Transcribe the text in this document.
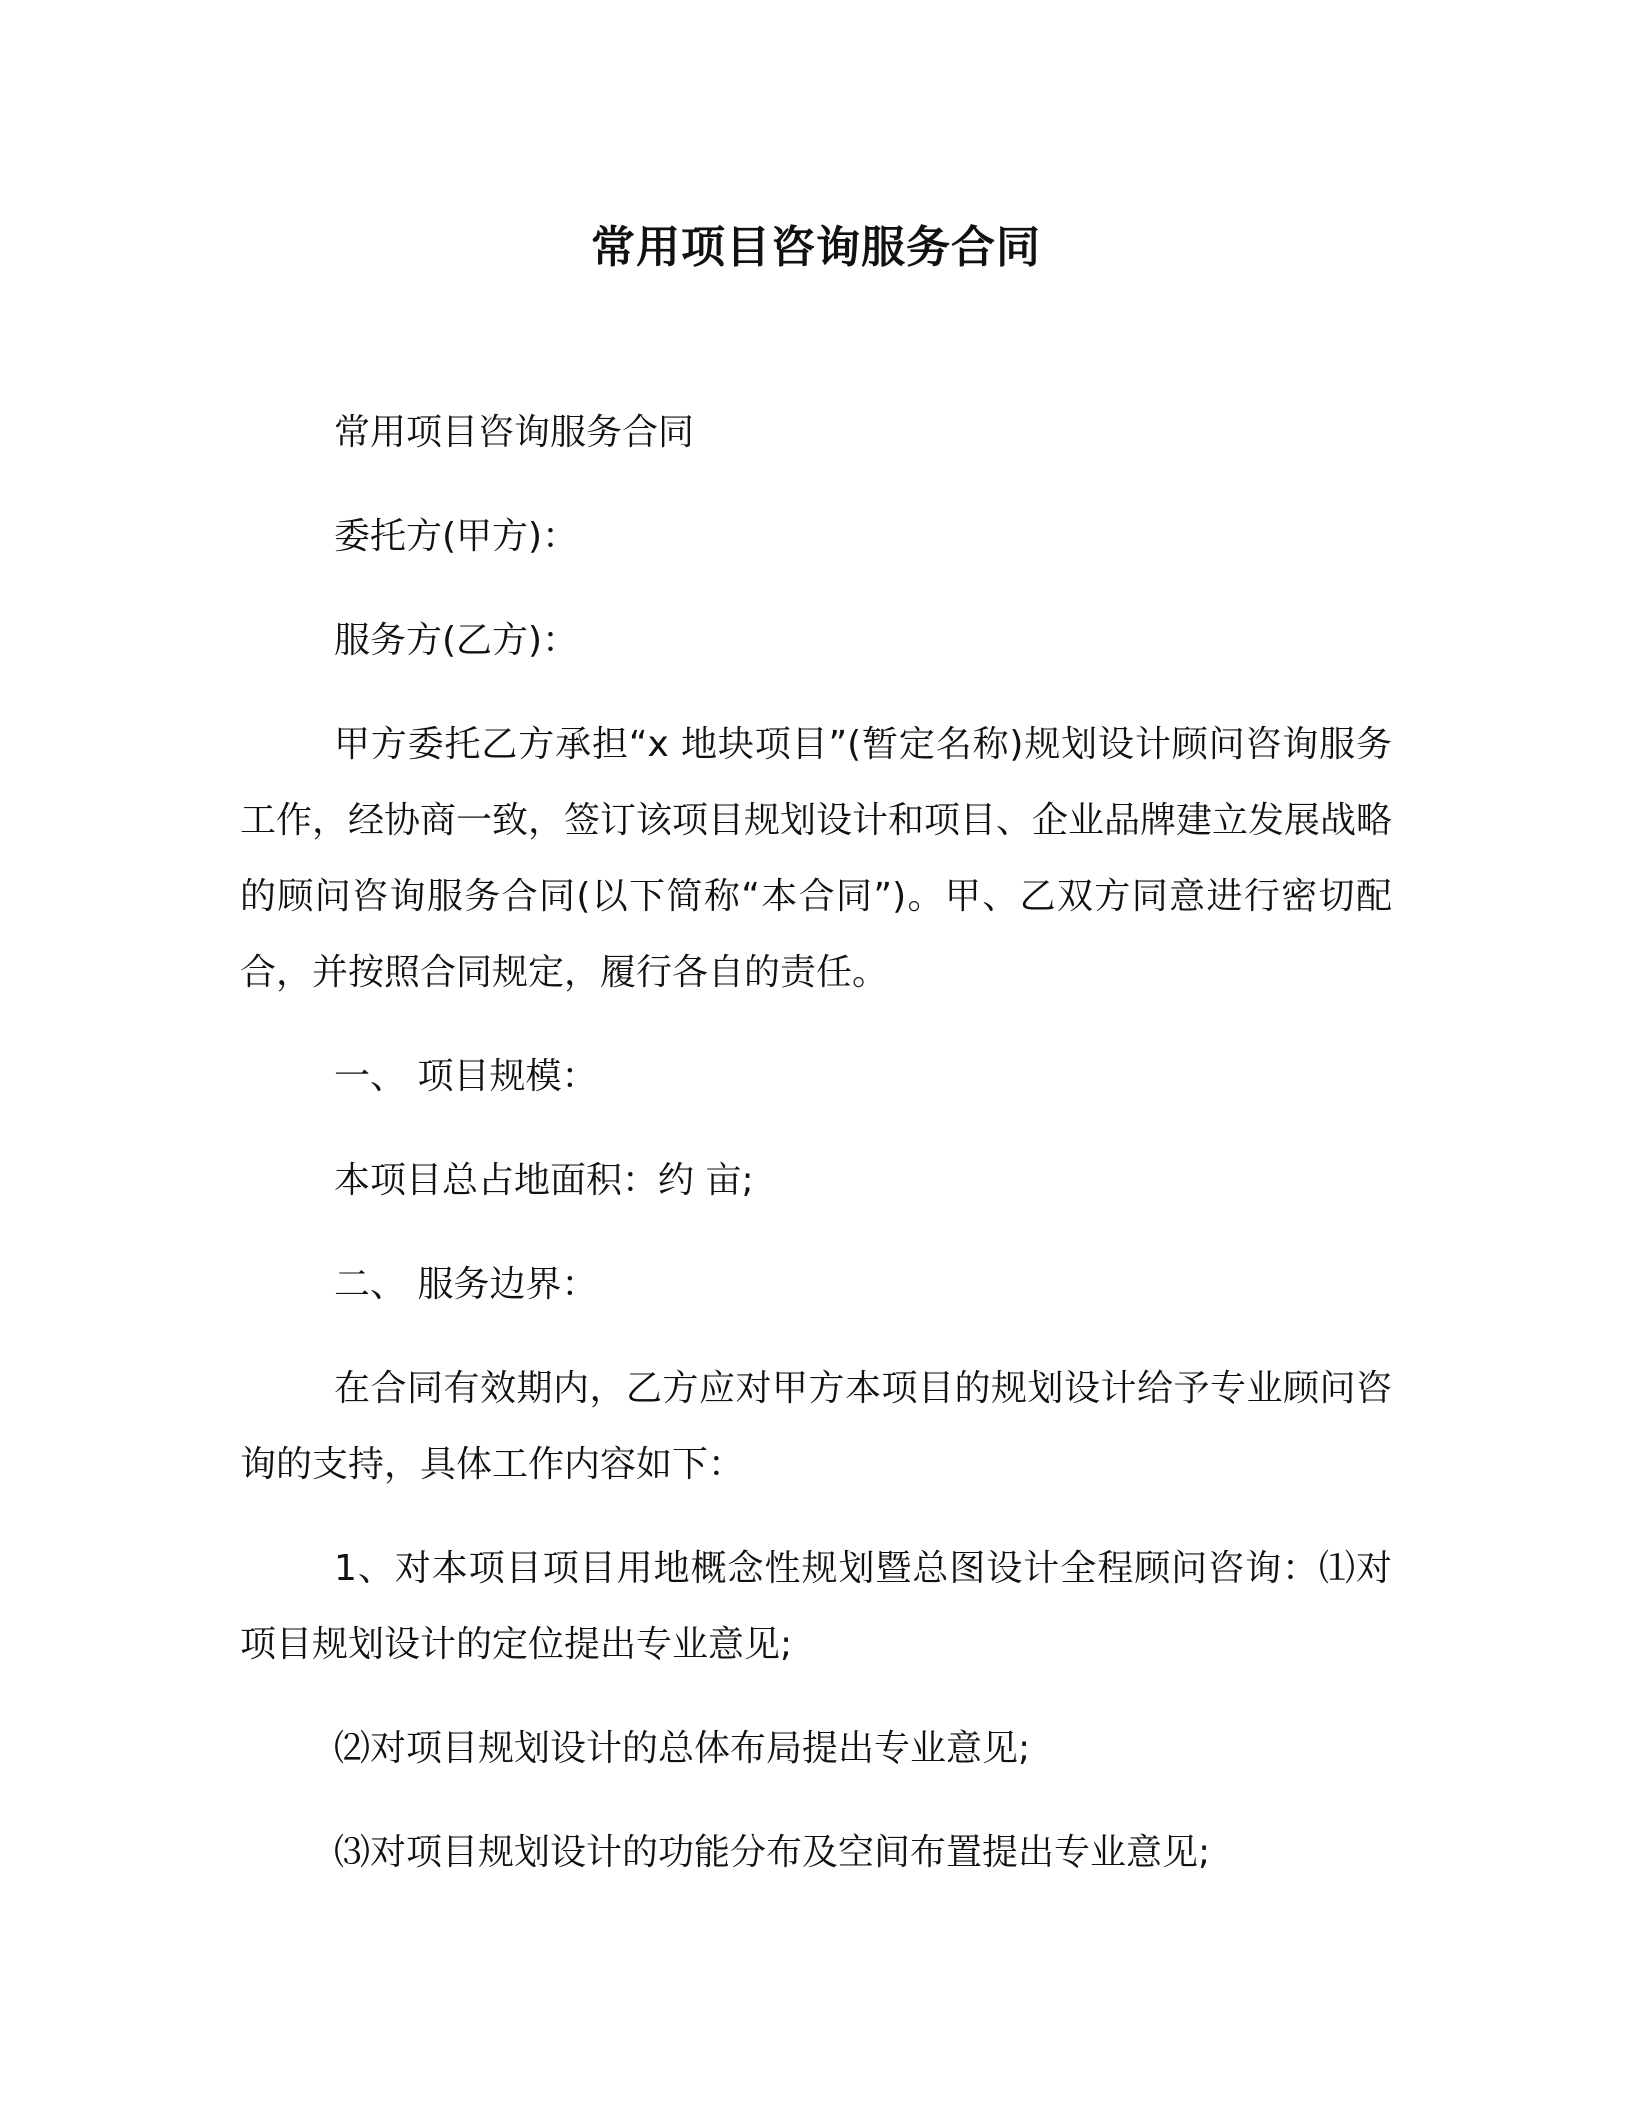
常用项目咨询服务合同

常用项目咨询服务合同

委托方(甲方)：

服务方(乙方)：

甲方委托乙方承担“x 地块项目”(暂定名称)规划设计顾问咨询服务工作，经协商一致，签订该项目规划设计和项目、企业品牌建立发展战略的顾问咨询服务合同(以下简称“本合同”)。甲、乙双方同意进行密切配合，并按照合同规定，履行各自的责任。

一、 项目规模：

本项目总占地面积：约 亩;

二、 服务边界：

在合同有效期内，乙方应对甲方本项目的规划设计给予专业顾问咨询的支持，具体工作内容如下：

1、对本项目项目用地概念性规划暨总图设计全程顾问咨询：⑴对项目规划设计的定位提出专业意见;

⑵对项目规划设计的总体布局提出专业意见;

⑶对项目规划设计的功能分布及空间布置提出专业意见;
